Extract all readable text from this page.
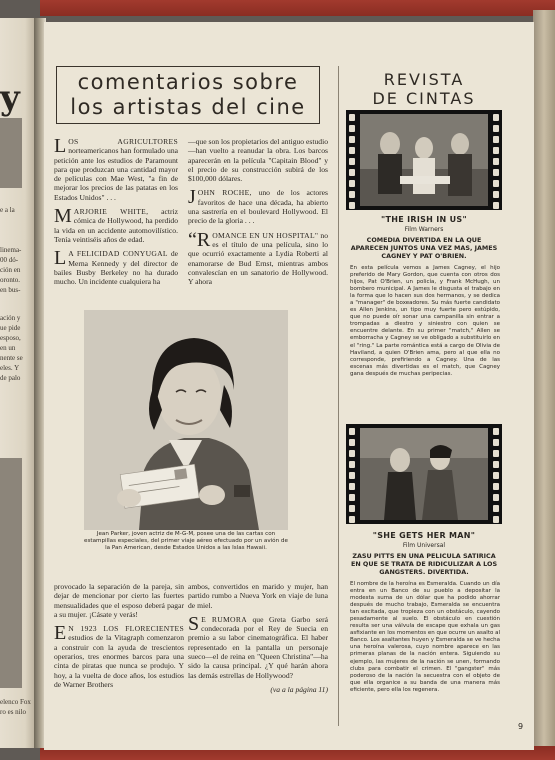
y
e a la
linema-
00 dó-
ción en
oronto.
en bus-
ación y
ue pide
esposo,
en un
nente se
eles. Y
de palo
elenco Fox
ro es nilo
comentarios sobre
los artistas del cine

LOS AGRICULTORES norteamericanos han formulado una petición ante los estudios de Paramount para que produzcan una cantidad mayor de películas con Mae West, "a fin de mejorar los precios de las patatas en los Estados Unidos" . . .

MARJORIE WHITE, actriz cómica de Hollywood, ha perdido la vida en un accidente automovilístico. Tenía veintiséis años de edad.

L A FELICIDAD CONYUGAL de Merna Kennedy y del director de bailes Busby Berkeley no ha durado mucho. Un incidente cualquiera ha

—que son los propietarios del antiguo estudio—han vuelto a reanudar la obra. Los barcos aparecerán en la película "Capitain Blood" y el precio de su construcción subirá de los $100,000 dólares.

JOHN ROCHE, uno de los actores favoritos de hace una década, ha abierto una sastrería en el boulevard Hollywood. El precio de la gloria . . .

“ROMANCE EN UN HOSPITAL" no es el título de una película, sino lo que ocurrió exactamente a Lydia Roberti al enamorarse de Bud Ernst, mientras ambos convalescían en un sanatorio de Hollywood. Y ahora

Jean Parker, joven actriz de M-G-M, posee una de las cartas con estampillas especiales, del primer viaje aéreo efectuado por un avión de la Pan American, desde Estados Unidos a las Islas Hawaii.

provocado la separación de la pareja, sin dejar de mencionar por cierto las fuertes mensualidades que el esposo deberá pagar a su mujer. ¡Cásate y verás!

E N 1923 LOS FLORECIENTES estudios de la Vitagraph comenzaron a construir con la ayuda de trescientos operarios, tres enormes barcos para una cinta de piratas que nunca se produjo. Y hoy, a la vuelta de doce años, los estudios de Warner Brothers

ambos, convertidos en marido y mujer, han partido rumbo a Nueva York en viaje de luna de miel.

S E RUMORA que Greta Garbo será condecorada por el Rey de Suecia en premio a su labor cinematográfica. El haber representado en la pantalla un personaje sueco—el de reina en "Queen Christina"—ha sido la causa principal. ¿Y qué harán ahora las demás estrellas de Hollywood?

(va a la página 11)
REVISTA
DE CINTAS
"THE IRISH IN US"
Film Warners
COMEDIA DIVERTIDA EN LA QUE APARECEN JUNTOS UNA VEZ MAS, JAMES CAGNEY Y PAT O'BRIEN.
En esta película vemos a James Cagney, el hijo preferido de Mary Gordon, que cuenta con otros dos hijos, Pat O'Brien, un policía, y Frank McHugh, un bombero municipal. A James le disgusta el trabajo en la forma que lo hacen sus dos hermanos, y se dedica a "manager" de boxeadores. Su más fuerte candidato es Allen Jenkins, un tipo muy fuerte pero estúpido, que no puede oír sonar una campanilla sin entrar a trompadas a diestro y siniestro con quien se encuentre delante. En su primer "match," Allen se emborracha y Cagney se ve obligado a substituirlo en el "ring." La parte romántica está a cargo de Olivia de Haviland, a quien O'Brien ama, pero al que ella no corresponde, prefiriendo a Cagney. Una de las escenas más divertidas es el match, que Cagney gana después de muchas peripecias.
"SHE GETS HER MAN"
Film Universal
ZASU PITTS EN UNA PELICULA SATIRICA EN QUE SE TRATA DE RIDICULIZAR A LOS GANGSTERS. DIVERTIDA.
El nombre de la heroína es Esmeralda. Cuando un día entra en un Banco de su pueblo a depositar la modesta suma de un dólar que ha podido ahorrar después de mucho trabajo, Esmeralda se encuentra tan excitada, que tropieza con un obstáculo, cayendo pesadamente al suelo. El obstáculo en cuestión resulta ser una válvula de escape que exhala un gas asfixiante en los momentos en que ocurre un asalto al Banco. Los asaltantes huyen y Esmeralda se ve hecha una heroína valerosa, cuyo nombre aparece en las primeras planas de la nación entera. Siguiendo su ejemplo, las mujeres de la nación se unen, formando clubs para combatir el crimen. El "gangster" más poderoso de la nación la secuestra con el objeto de que ella organice a su banda de una manera más eficiente, pero ella los regenera.
9
